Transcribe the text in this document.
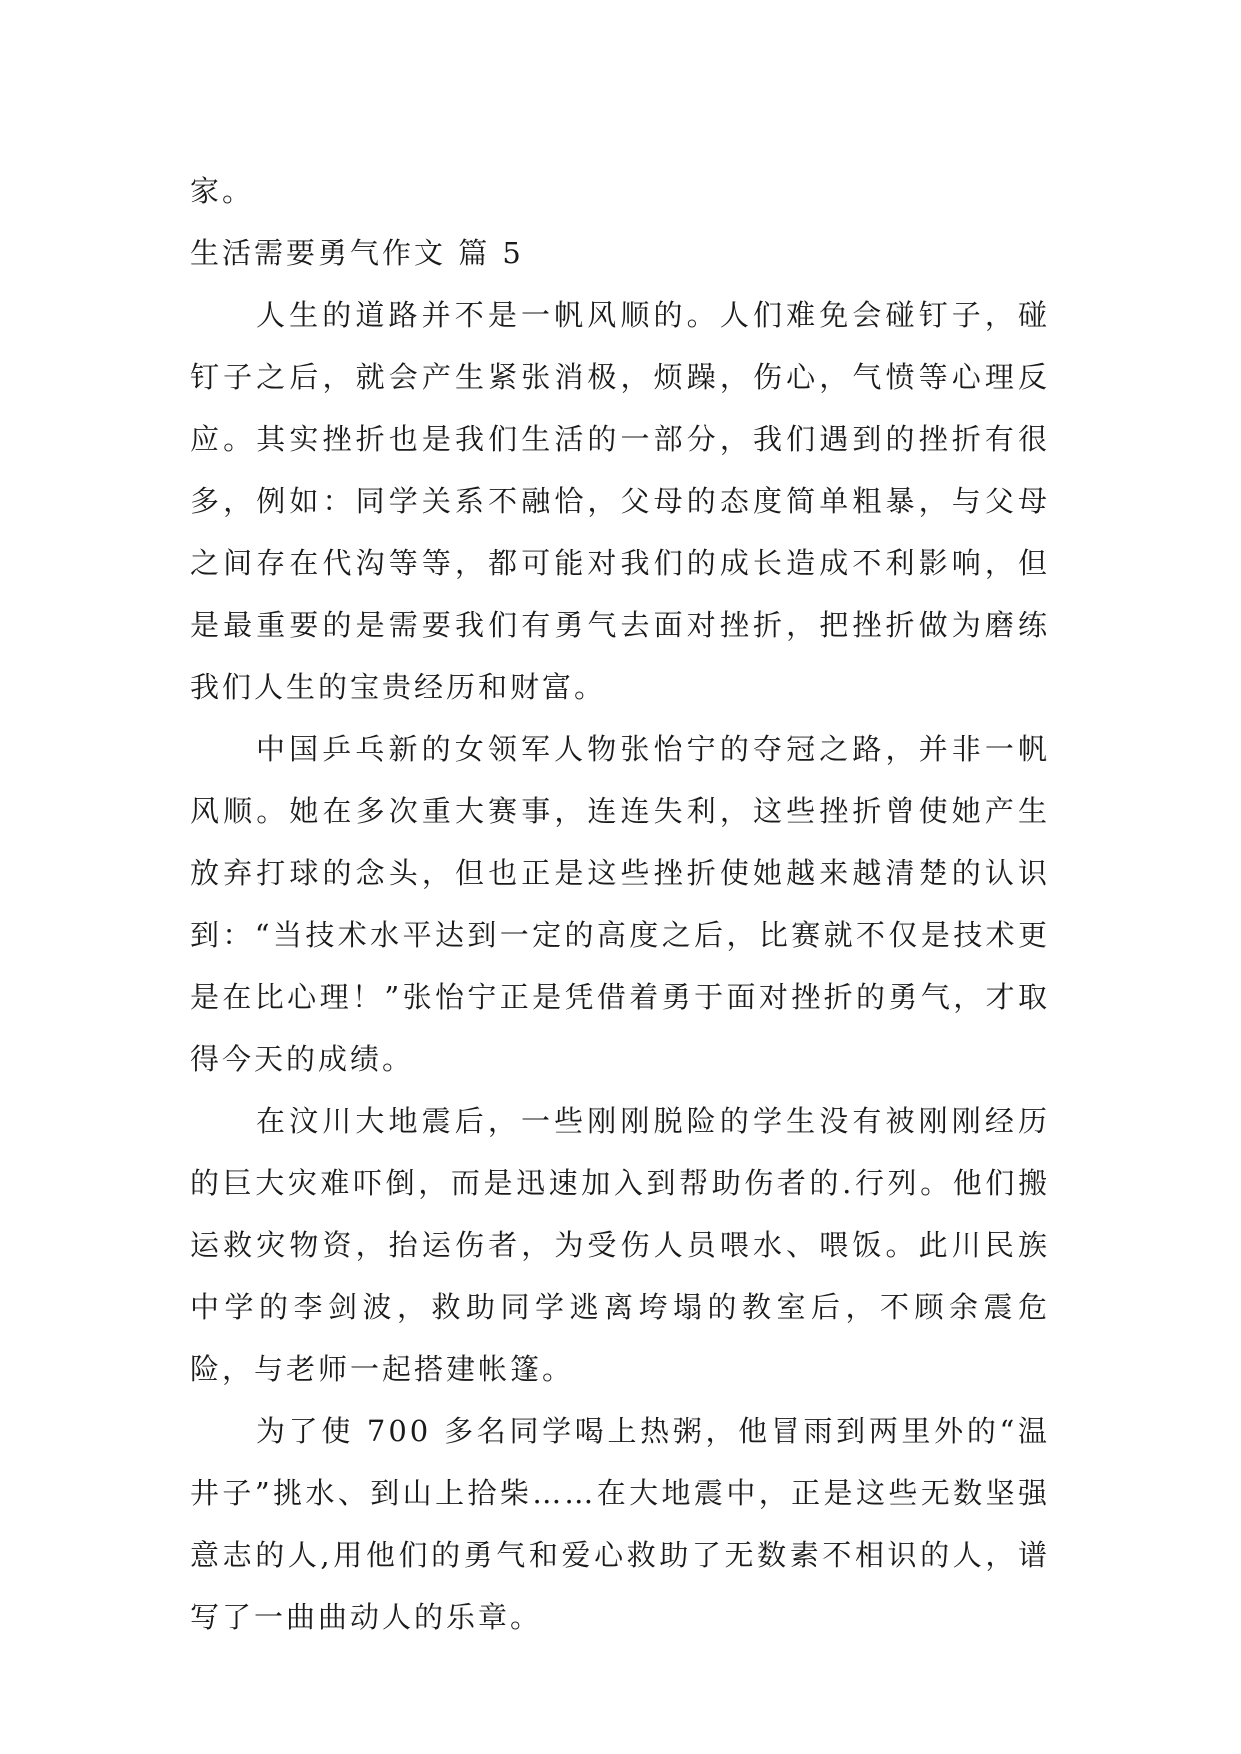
家。

生活需要勇气作文 篇 5

人生的道路并不是一帆风顺的。人们难免会碰钉子，碰钉子之后，就会产生紧张消极，烦躁，伤心，气愤等心理反应。其实挫折也是我们生活的一部分，我们遇到的挫折有很多，例如：同学关系不融恰，父母的态度简单粗暴，与父母之间存在代沟等等，都可能对我们的成长造成不利影响，但是最重要的是需要我们有勇气去面对挫折，把挫折做为磨练我们人生的宝贵经历和财富。

中国乒乓新的女领军人物张怡宁的夺冠之路，并非一帆风顺。她在多次重大赛事，连连失利，这些挫折曾使她产生放弃打球的念头，但也正是这些挫折使她越来越清楚的认识到：“当技术水平达到一定的高度之后，比赛就不仅是技术更是在比心理！”张怡宁正是凭借着勇于面对挫折的勇气，才取得今天的成绩。

在汶川大地震后，一些刚刚脱险的学生没有被刚刚经历的巨大灾难吓倒，而是迅速加入到帮助伤者的.行列。他们搬运救灾物资，抬运伤者，为受伤人员喂水、喂饭。此川民族中学的李剑波，救助同学逃离垮塌的教室后，不顾余震危险，与老师一起搭建帐篷。

为了使 700 多名同学喝上热粥，他冒雨到两里外的“温井子”挑水、到山上拾柴……在大地震中，正是这些无数坚强意志的人,用他们的勇气和爱心救助了无数素不相识的人，谱写了一曲曲动人的乐章。
